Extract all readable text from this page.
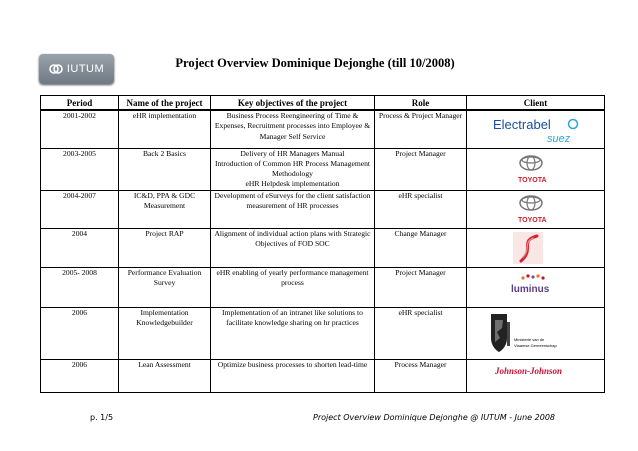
IUTUM	Project Overview Dominique Dejonghe (till 10/2008)
Period	Name of the project	Key objectives of the project	Role	Client
2001-2002	eHR implementation	Business Process Reengineering of Time & Expenses, Recruitment processes into Employee & Manager Self Service	Process & Project Manager	Electrabel
suez

2003-2005	Back 2 Basics	Delivery of HR Managers Manual
Introduction of Common HR Process Management Methodology
eHR Helpdesk implementation	Project Manager	TOYOTA

2004-2007	IC&D, PPA & GDC Measurement	Development of eSurveys for the client satisfaction measurement of HR processes	eHR specialist	TOYOTA

2004	Project RAP	Alignment of individual action plans with Strategic Objectives of FOD SOC	Change Manager	

2005- 2008	Performance Evaluation Survey	eHR enabling of yearly performance management process	Project Manager	luminus

2006	Implementation Knowledgebuilder	Implementation of an intranet like solutions to facilitate knowledge sharing on hr practices	eHR specialist	Ministerie van de
Vlaamse Gemeenschap

2006	Lean Assessment	Optimize business processes to shorten lead-time	Process Manager	Johnson-Johnson
p. 1/5	Project Overview Dominique Dejonghe @ IUTUM - June 2008
